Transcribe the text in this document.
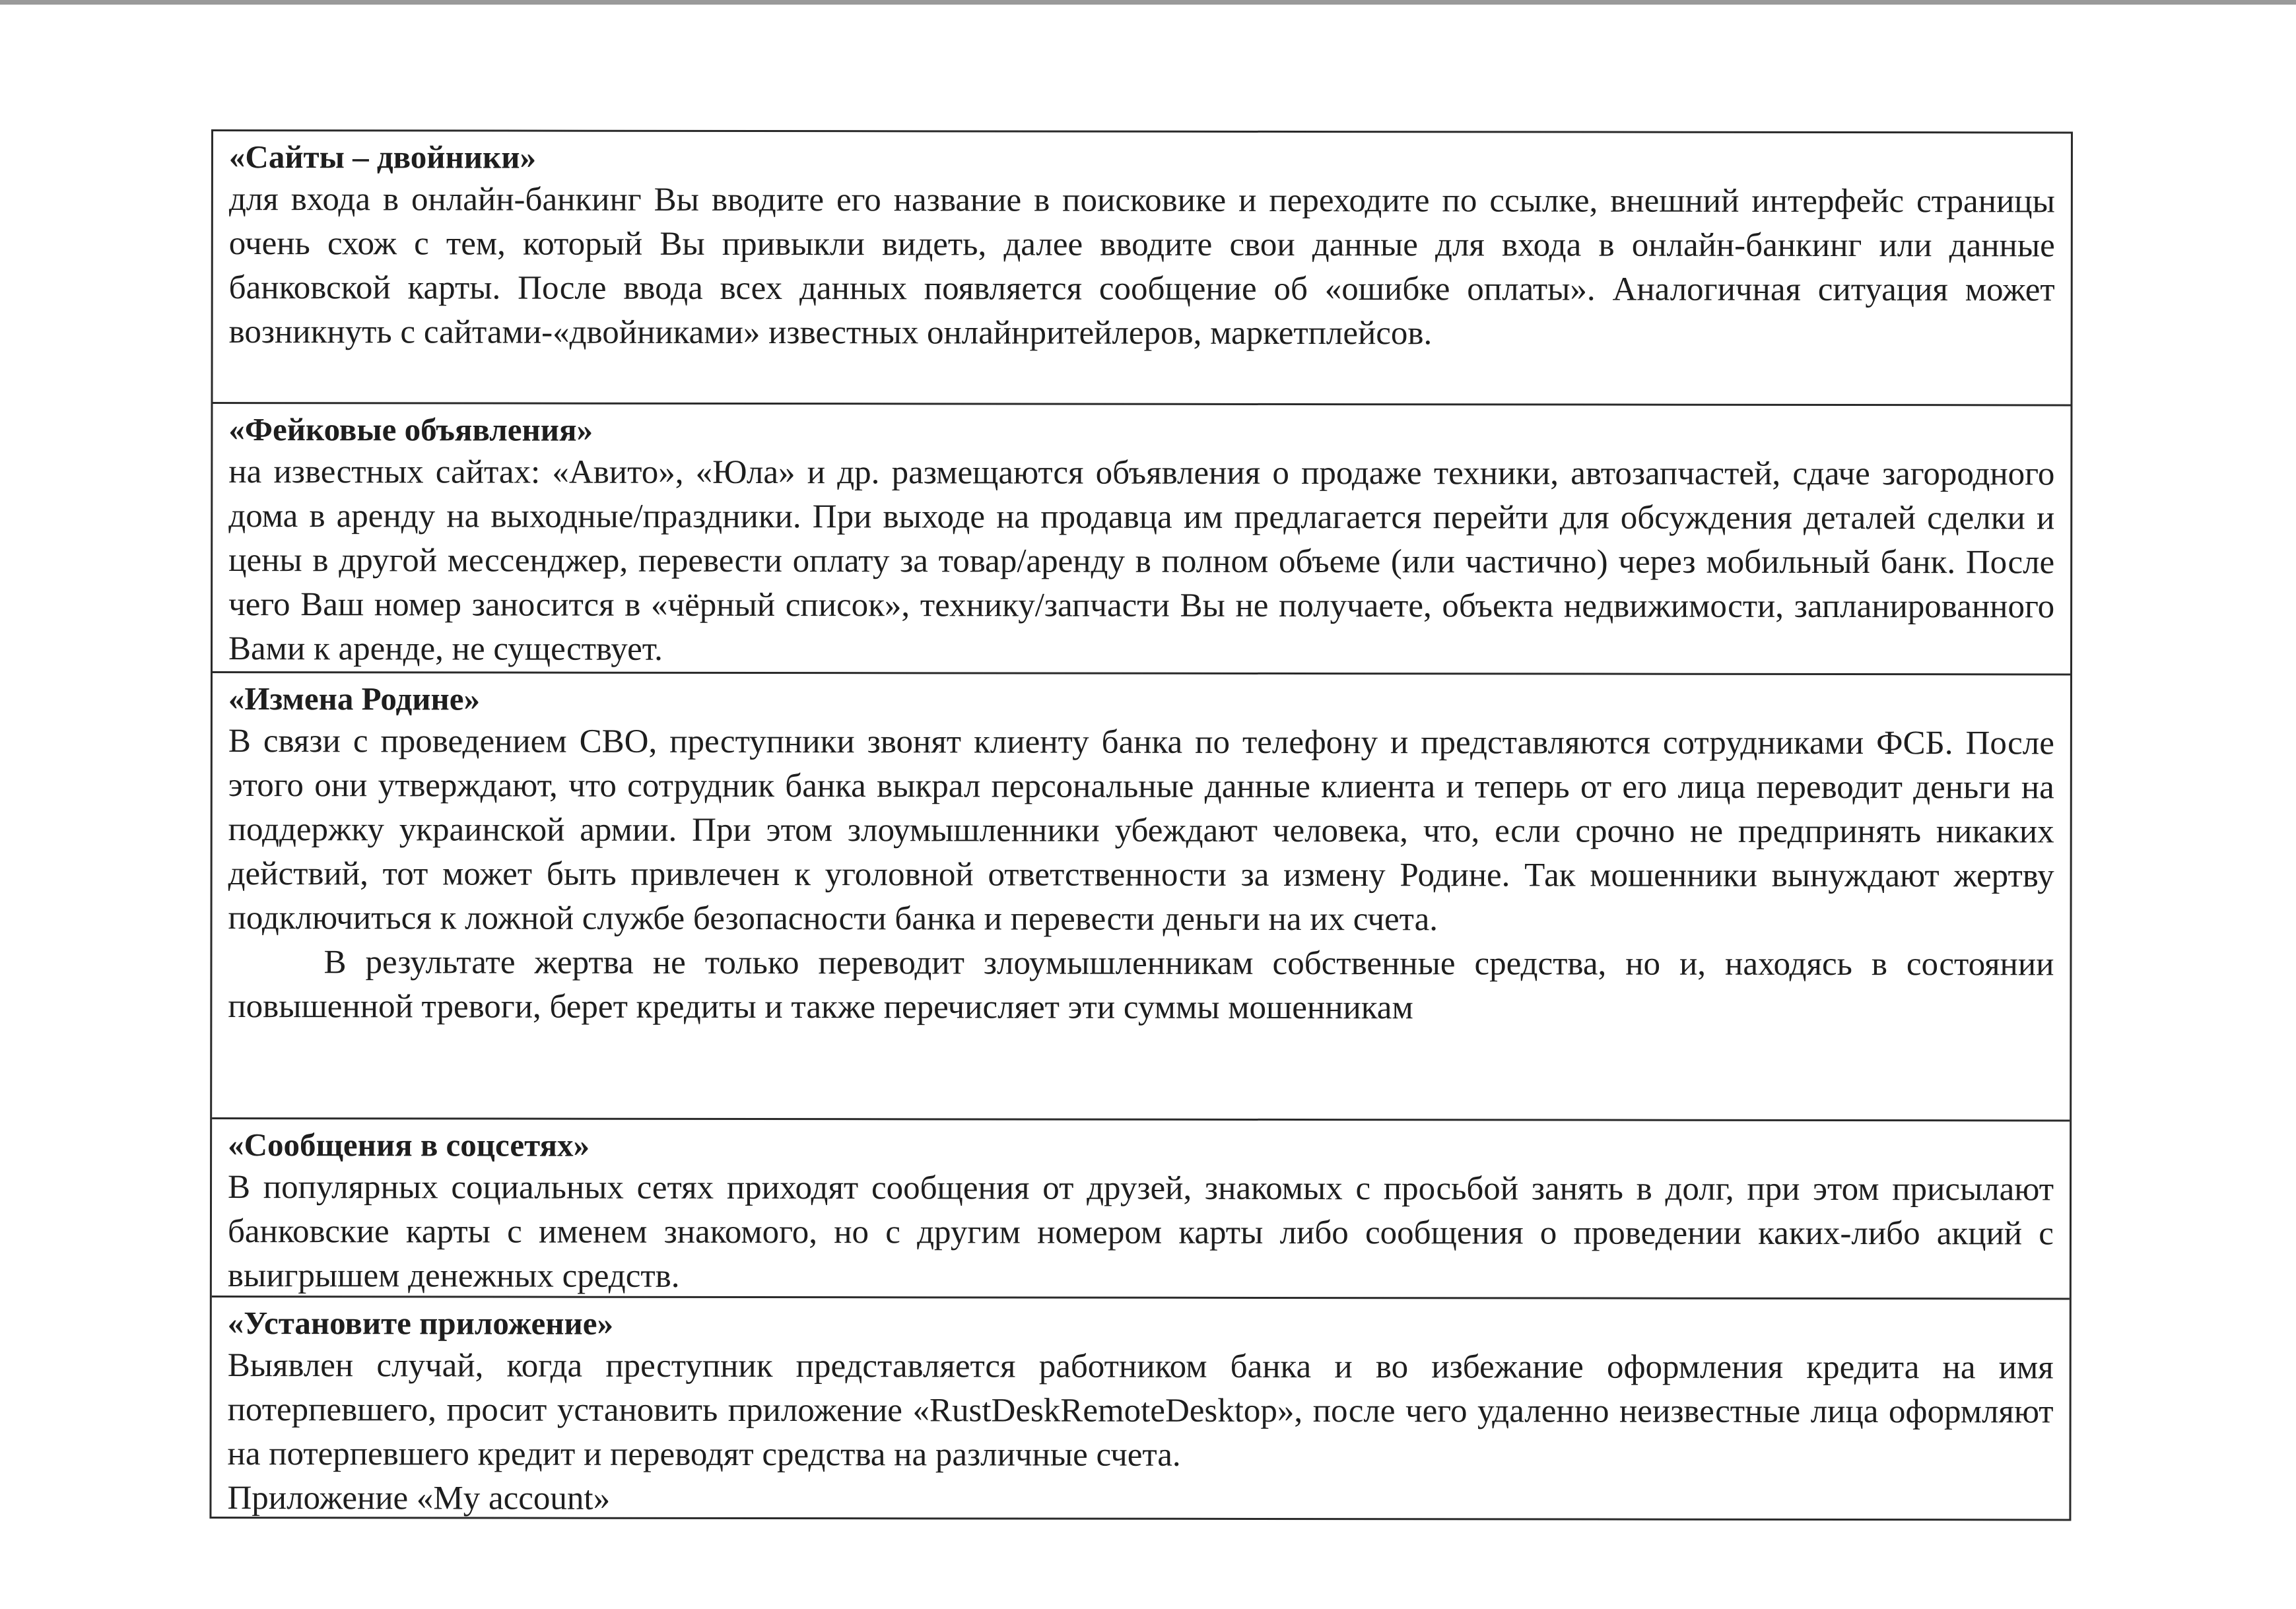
«Сайты – двойники»

для входа в онлайн-банкинг Вы вводите его название в поисковике и переходите по ссылке, внешний интерфейс страницы очень схож с тем, который Вы привыкли видеть, далее вводите свои данные для входа в онлайн-банкинг или данные банковской карты. После ввода всех данных появляется сообщение об «ошибке оплаты». Аналогичная ситуация может возникнуть с сайтами-«двойниками» известных онлайнритейлеров, маркетплейсов.

«Фейковые объявления»

на известных сайтах: «Авито», «Юла» и др. размещаются объявления о продаже техники, автозапчастей, сдаче загородного дома в аренду на выходные/праздники. При выходе на продавца им предлагается перейти для обсуждения деталей сделки и цены в другой мессенджер, перевести оплату за товар/аренду в полном объеме (или частично) через мобильный банк. После чего Ваш номер заносится в «чёрный список», технику/запчасти Вы не получаете, объекта недвижимости, запланированного Вами к аренде, не существует.

«Измена Родине»

В связи с проведением СВО, преступники звонят клиенту банка по телефону и представляются сотрудниками ФСБ. После этого они утверждают, что сотрудник банка выкрал персональные данные клиента и теперь от его лица переводит деньги на поддержку украинской армии. При этом злоумышленники убеждают человека, что, если срочно не предпринять никаких действий, тот может быть привлечен к уголовной ответственности за измену Родине. Так мошенники вынуждают жертву подключиться к ложной службе безопасности банка и перевести деньги на их счета.

В результате жертва не только переводит злоумышленникам собственные средства, но и, находясь в состоянии повышенной тревоги, берет кредиты и также перечисляет эти суммы мошенникам

«Сообщения в соцсетях»

В популярных социальных сетях приходят сообщения от друзей, знакомых с просьбой занять в долг, при этом присылают банковские карты с именем знакомого, но с другим номером карты либо сообщения о проведении каких-либо акций с выигрышем денежных средств.

«Установите приложение»

Выявлен случай, когда преступник представляется работником банка и во избежание оформления кредита на имя потерпевшего, просит установить приложение «RustDeskRemoteDesktop», после чего удаленно неизвестные лица оформляют на потерпевшего кредит и переводят средства на различные счета.

Приложение «My account»
